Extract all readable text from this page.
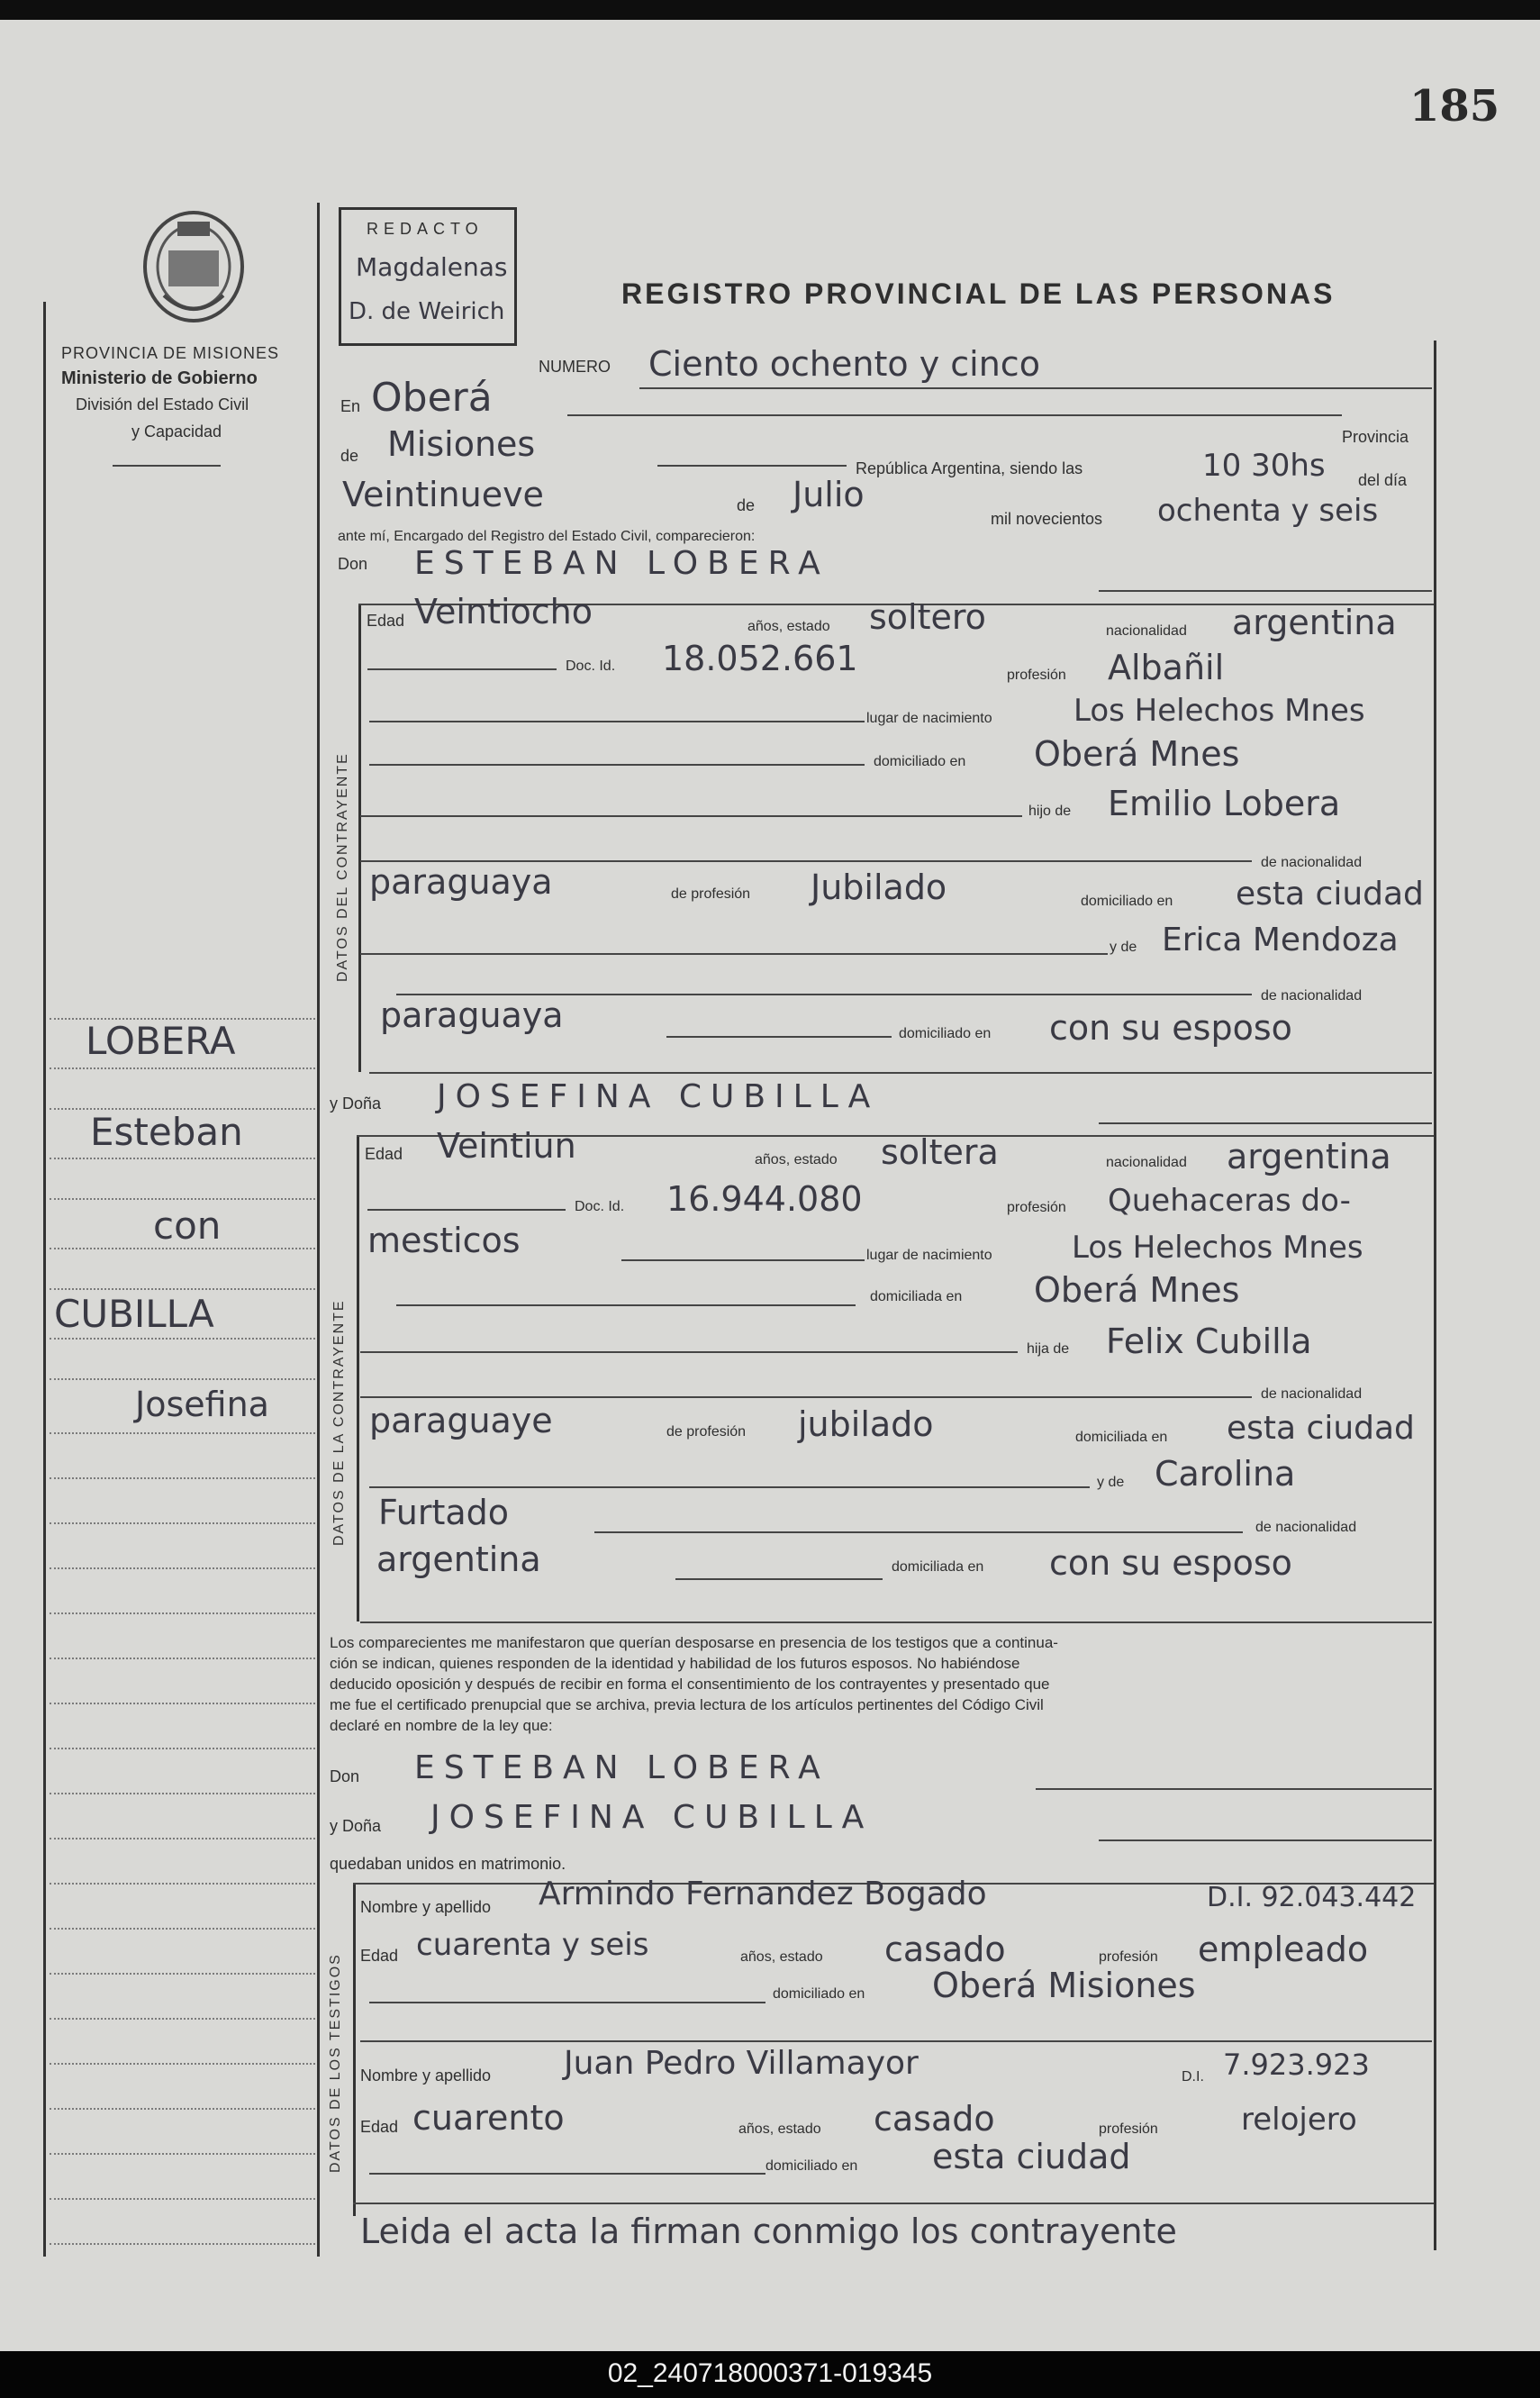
185
PROVINCIA DE MISIONES
Ministerio de Gobierno
División del Estado Civil
y Capacidad
REDACTO
Magdalenas
D. de Weirich
REGISTRO PROVINCIAL DE LAS PERSONAS
NUMERO Ciento ochento y cinco
En Oberá
Provincia
de Misiones
República Argentina, siendo las	10 30hs del día
Veintinueve	de Julio
mil novecientos ochenta y seis
ante mí, Encargado del Registro del Estado Civil, comparecieron:
Don ESTEBAN LOBERA
DATOS DEL CONTRAYENTE
Edad Veintiocho	años, estado soltero	nacionalidad argentina
Doc. Id. 18.052.661	profesión Albañil
lugar de nacimiento	Los Helechos Mnes
domiciliado en Oberá Mnes
hijo de Emilio Lobera
de nacionalidad
paraguaya	de profesión Jubilado	domiciliado en esta ciudad
y de Erica Mendoza
de nacionalidad
paraguaya	domiciliado en con su esposo
y Doña JOSEFINA CUBILLA
DATOS DE LA CONTRAYENTE
Edad Veintiun	años, estado soltera	nacionalidad argentina
Doc. Id. 16.944.080	profesión Quehaceras do-
mesticos	lugar de nacimiento	Los Helechos Mnes
domiciliada en Oberá Mnes
hija de Felix Cubilla
de nacionalidad
paraguaye	de profesión jubilado	domiciliada en esta ciudad
y de Carolina
Furtado	de nacionalidad
argentina	domiciliada en con su esposo
Los comparecientes me manifestaron que querían desposarse en presencia de los testigos que a continua-
ción se indican, quienes responden de la identidad y habilidad de los futuros esposos. No habiéndose
deducido oposición y después de recibir en forma el consentimiento de los contrayentes y presentado que
me fue el certificado prenupcial que se archiva, previa lectura de los artículos pertinentes del Código Civil
declaré en nombre de la ley que:
Don ESTEBAN LOBERA
y Doña JOSEFINA CUBILLA
quedaban unidos en matrimonio.
DATOS DE LOS TESTIGOS
Nombre y apellido Armindo Fernandez Bogado	D.I. 92.043.442
Edad cuarenta y seis	años, estado casado	profesión empleado
domiciliado en Oberá Misiones
Nombre y apellido Juan Pedro Villamayor	D.I. 7.923.923
Edad cuarento	años, estado casado	profesión	relojero
domiciliado en esta ciudad
Leida el acta la firman conmigo los contrayente
LOBERA
Esteban
con
CUBILLA
Josefina
02_240718000371-019345
